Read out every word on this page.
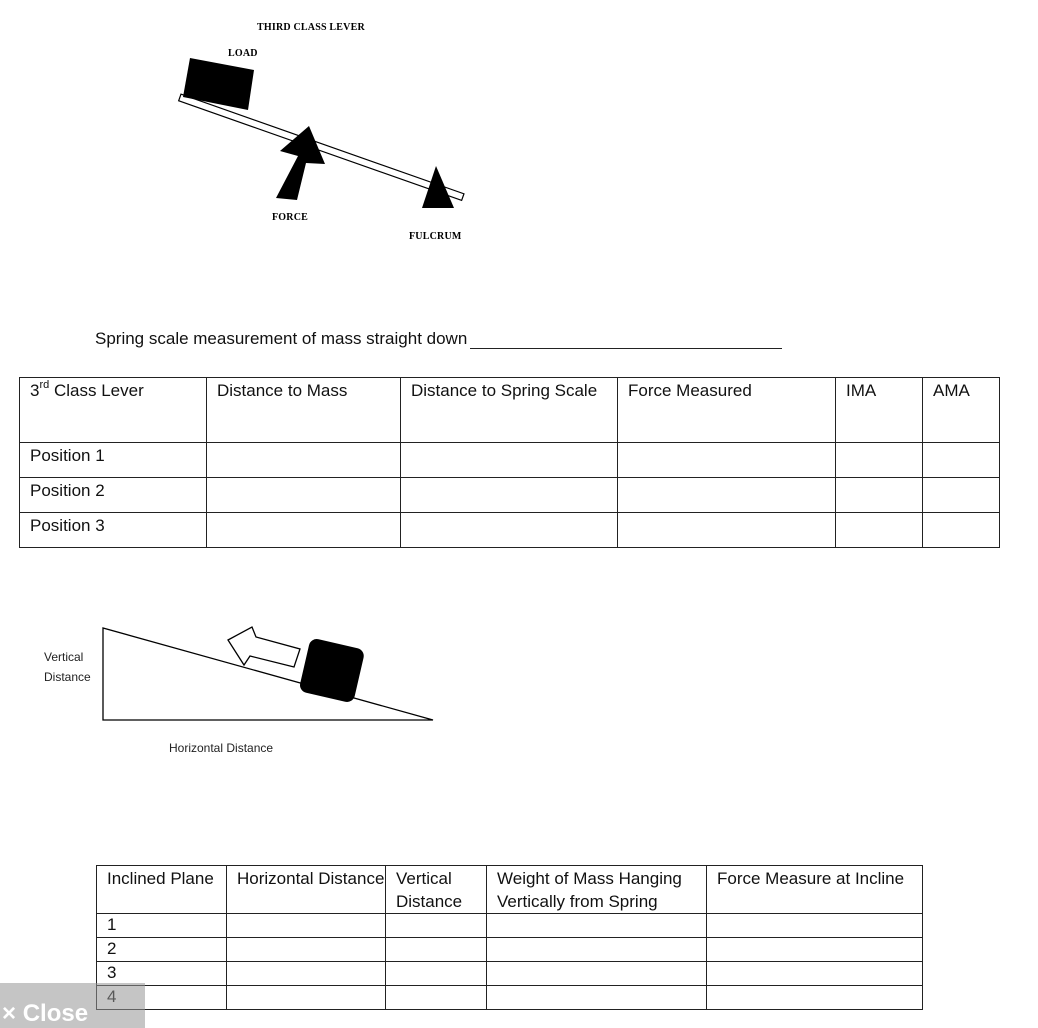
THIRD CLASS LEVER
LOAD
FORCE
FULCRUM
Spring scale measurement of mass straight down
3rd Class Lever	Distance to Mass	Distance to Spring Scale	Force Measured	IMA	AMA
Position 1					
Position 2					
Position 3					
Vertical
Distance
Horizontal Distance
Inclined Plane	Horizontal Distance	Vertical Distance	Weight of Mass Hanging Vertically from Spring	Force Measure at Incline
1				
2				
3				

× Close
